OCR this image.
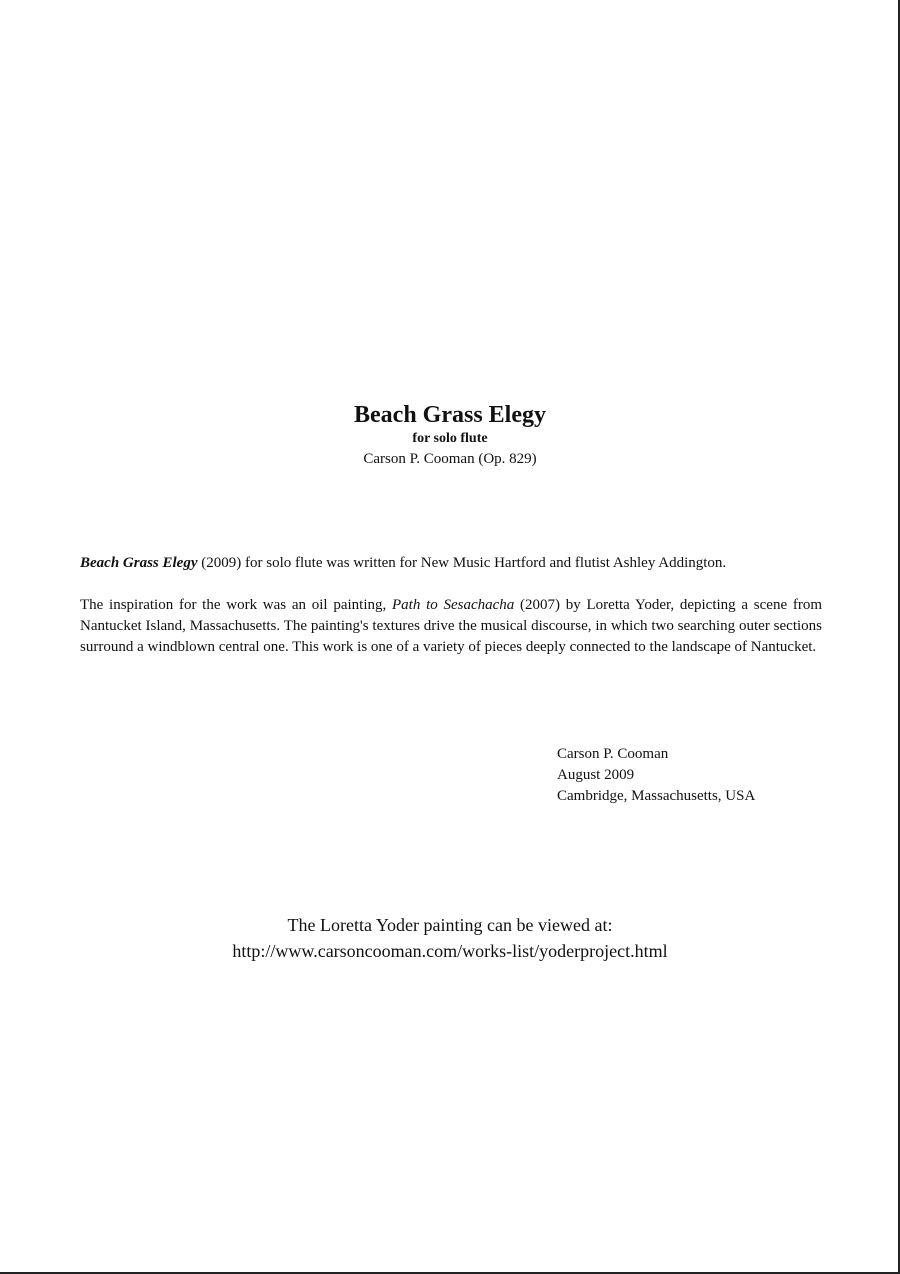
Beach Grass Elegy
for solo flute
Carson P. Cooman (Op. 829)

Beach Grass Elegy (2009) for solo flute was written for New Music Hartford and flutist Ashley Addington.

The inspiration for the work was an oil painting, Path to Sesachacha (2007) by Loretta Yoder, depicting a scene from Nantucket Island, Massachusetts. The painting's textures drive the musical discourse, in which two searching outer sections surround a windblown central one. This work is one of a variety of pieces deeply connected to the landscape of Nantucket.

Carson P. Cooman
August 2009
Cambridge, Massachusetts, USA
The Loretta Yoder painting can be viewed at:
http://www.carsoncooman.com/works-list/yoderproject.html
